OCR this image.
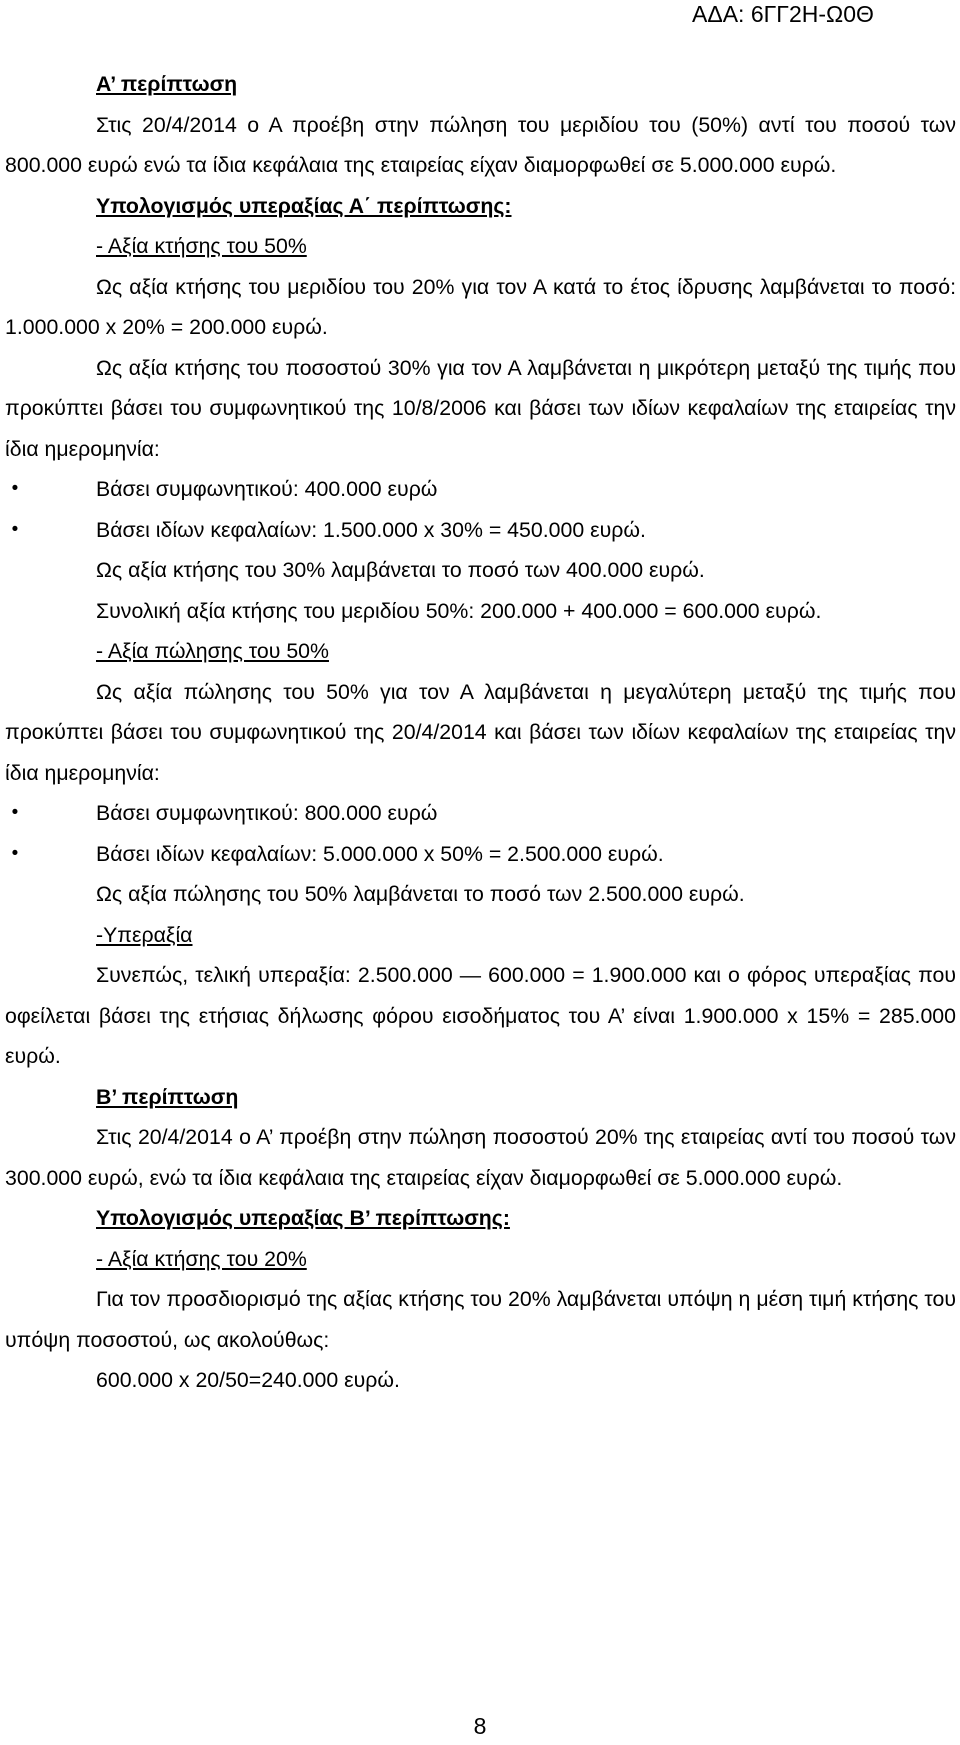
ΑΔΑ: 6ΓΓ2Η-Ω0Θ

Α’ περίπτωση

Στις 20/4/2014 ο Α προέβη στην πώληση του μεριδίου του (50%) αντί του ποσού των 800.000 ευρώ ενώ τα ίδια κεφάλαια της εταιρείας είχαν διαμορφωθεί σε 5.000.000 ευρώ.

Υπολογισμός υπεραξίας Α΄ περίπτωσης:

- Αξία κτήσης του 50%

Ως αξία κτήσης του μεριδίου του 20% για τον Α κατά το έτος ίδρυσης λαμβάνεται το ποσό: 1.000.000 x 20% = 200.000 ευρώ.

Ως αξία κτήσης του ποσοστού 30% για τον Α λαμβάνεται η μικρότερη μεταξύ της τιμής που προκύπτει βάσει του συμφωνητικού της 10/8/2006 και βάσει των ιδίων κεφαλαίων της εταιρείας την ίδια ημερομηνία:

•	Βάσει συμφωνητικού: 400.000 ευρώ
•	Βάσει ιδίων κεφαλαίων: 1.500.000 x 30% = 450.000 ευρώ.

Ως αξία κτήσης του 30% λαμβάνεται το ποσό των 400.000 ευρώ.

Συνολική αξία κτήσης του μεριδίου 50%: 200.000 + 400.000 = 600.000 ευρώ.

- Αξία πώλησης του 50%

Ως αξία πώλησης του 50% για τον Α λαμβάνεται η μεγαλύτερη μεταξύ της τιμής που προκύπτει βάσει του συμφωνητικού της 20/4/2014 και βάσει των ιδίων κεφαλαίων της εταιρείας την ίδια ημερομηνία:

•	Βάσει συμφωνητικού: 800.000 ευρώ
•	Βάσει ιδίων κεφαλαίων: 5.000.000 x 50% = 2.500.000 ευρώ.

Ως αξία πώλησης του 50% λαμβάνεται το ποσό των 2.500.000 ευρώ.

-Υπεραξία

Συνεπώς, τελική υπεραξία: 2.500.000 — 600.000 = 1.900.000 και ο φόρος υπεραξίας που οφείλεται βάσει της ετήσιας δήλωσης φόρου εισοδήματος του Α’ είναι 1.900.000 x 15% = 285.000 ευρώ.

Β’ περίπτωση

Στις 20/4/2014 ο Α’ προέβη στην πώληση ποσοστού 20% της εταιρείας αντί του ποσού των 300.000 ευρώ, ενώ τα ίδια κεφάλαια της εταιρείας είχαν διαμορφωθεί σε 5.000.000 ευρώ.

Υπολογισμός υπεραξίας Β’ περίπτωσης:

- Αξία κτήσης του 20%

Για τον προσδιορισμό της αξίας κτήσης του 20% λαμβάνεται υπόψη η μέση τιμή κτήσης του υπόψη ποσοστού, ως ακολούθως:

600.000 x 20/50=240.000 ευρώ.

8
